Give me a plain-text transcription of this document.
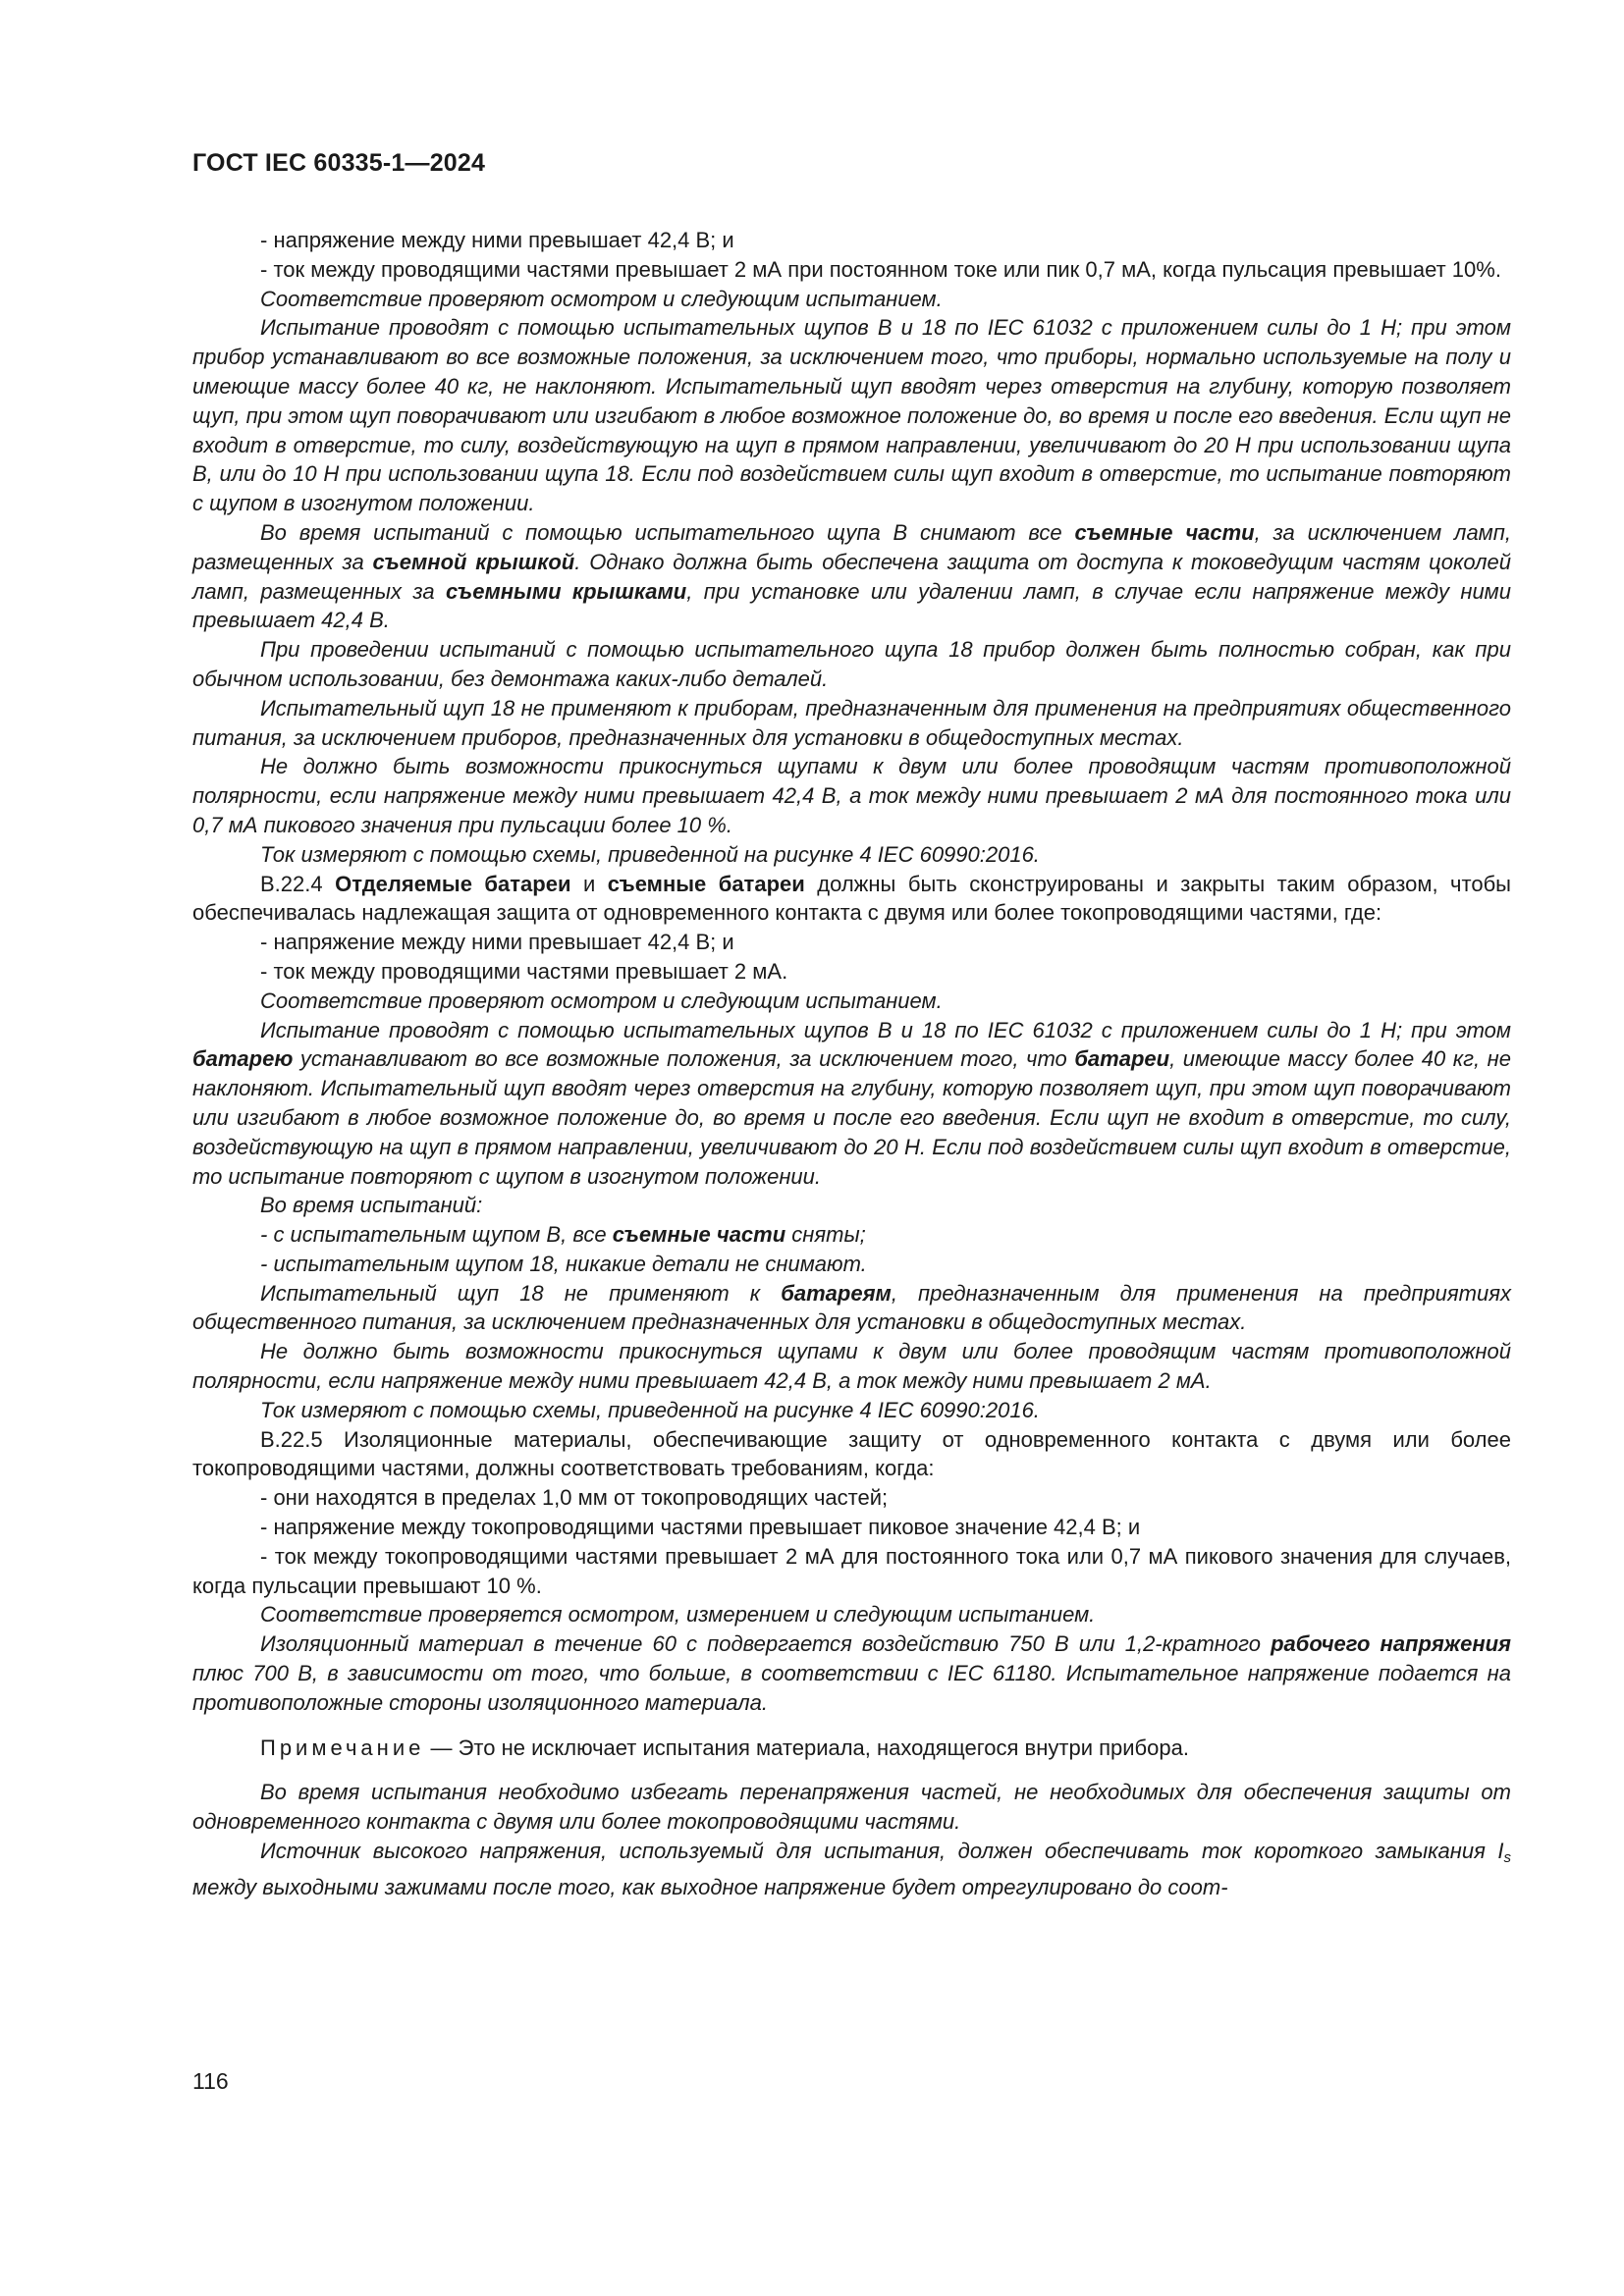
ГОСТ IEC 60335-1—2024

- напряжение между ними превышает 42,4 В; и

- ток между проводящими частями превышает 2 мА при постоянном токе или пик 0,7 мА, когда пульсация превышает 10%.

Соответствие проверяют осмотром и следующим испытанием.

Испытание проводят с помощью испытательных щупов В и 18 по IEC 61032 с приложением силы до 1 Н; при этом прибор устанавливают во все возможные положения, за исключением того, что приборы, нормально используемые на полу и имеющие массу более 40 кг, не наклоняют. Испытательный щуп вводят через отверстия на глубину, которую позволяет щуп, при этом щуп поворачивают или изгибают в любое возможное положение до, во время и после его введения. Если щуп не входит в отверстие, то силу, воздействующую на щуп в прямом направлении, увеличивают до 20 Н при использовании щупа В, или до 10 Н при использовании щупа 18. Если под воздействием силы щуп входит в отверстие, то испытание повторяют с щупом в изогнутом положении.

Во время испытаний с помощью испытательного щупа В снимают все съемные части, за исключением ламп, размещенных за съемной крышкой. Однако должна быть обеспечена защита от доступа к токоведущим частям цоколей ламп, размещенных за съемными крышками, при установке или удалении ламп, в случае если напряжение между ними превышает 42,4 В.

При проведении испытаний с помощью испытательного щупа 18 прибор должен быть полностью собран, как при обычном использовании, без демонтажа каких-либо деталей.

Испытательный щуп 18 не применяют к приборам, предназначенным для применения на предприятиях общественного питания, за исключением приборов, предназначенных для установки в общедоступных местах.

Не должно быть возможности прикоснуться щупами к двум или более проводящим частям противоположной полярности, если напряжение между ними превышает 42,4 В, а ток между ними превышает 2 мА для постоянного тока или 0,7 мА пикового значения при пульсации более 10 %.

Ток измеряют с помощью схемы, приведенной на рисунке 4 IEC 60990:2016.

В.22.4 Отделяемые батареи и съемные батареи должны быть сконструированы и закрыты таким образом, чтобы обеспечивалась надлежащая защита от одновременного контакта с двумя или более токопроводящими частями, где:

- напряжение между ними превышает 42,4 В; и

- ток между проводящими частями превышает 2 мА.

Соответствие проверяют осмотром и следующим испытанием.

Испытание проводят с помощью испытательных щупов В и 18 по IEC 61032 с приложением силы до 1 Н; при этом батарею устанавливают во все возможные положения, за исключением того, что батареи, имеющие массу более 40 кг, не наклоняют. Испытательный щуп вводят через отверстия на глубину, которую позволяет щуп, при этом щуп поворачивают или изгибают в любое возможное положение до, во время и после его введения. Если щуп не входит в отверстие, то силу, воздействующую на щуп в прямом направлении, увеличивают до 20 Н. Если под воздействием силы щуп входит в отверстие, то испытание повторяют с щупом в изогнутом положении.

Во время испытаний:

- с испытательным щупом В, все съемные части сняты;

- испытательным щупом 18, никакие детали не снимают.

Испытательный щуп 18 не применяют к батареям, предназначенным для применения на предприятиях общественного питания, за исключением предназначенных для установки в общедоступных местах.

Не должно быть возможности прикоснуться щупами к двум или более проводящим частям противоположной полярности, если напряжение между ними превышает 42,4 В, а ток между ними превышает 2 мА.

Ток измеряют с помощью схемы, приведенной на рисунке 4 IEC 60990:2016.

В.22.5 Изоляционные материалы, обеспечивающие защиту от одновременного контакта с двумя или более токопроводящими частями, должны соответствовать требованиям, когда:

- они находятся в пределах 1,0 мм от токопроводящих частей;

- напряжение между токопроводящими частями превышает пиковое значение 42,4 В; и

- ток между токопроводящими частями превышает 2 мА для постоянного тока или 0,7 мА пикового значения для случаев, когда пульсации превышают 10 %.

Соответствие проверяется осмотром, измерением и следующим испытанием.

Изоляционный материал в течение 60 с подвергается воздействию 750 В или 1,2-кратного рабочего напряжения плюс 700 В, в зависимости от того, что больше, в соответствии с IEC 61180. Испытательное напряжение подается на противоположные стороны изоляционного материала.

Примечание — Это не исключает испытания материала, находящегося внутри прибора.

Во время испытания необходимо избегать перенапряжения частей, не необходимых для обеспечения защиты от одновременного контакта с двумя или более токопроводящими частями.

Источник высокого напряжения, используемый для испытания, должен обеспечивать ток короткого замыкания $I_s$ между выходными зажимами после того, как выходное напряжение будет отрегулировано до соот-

116
